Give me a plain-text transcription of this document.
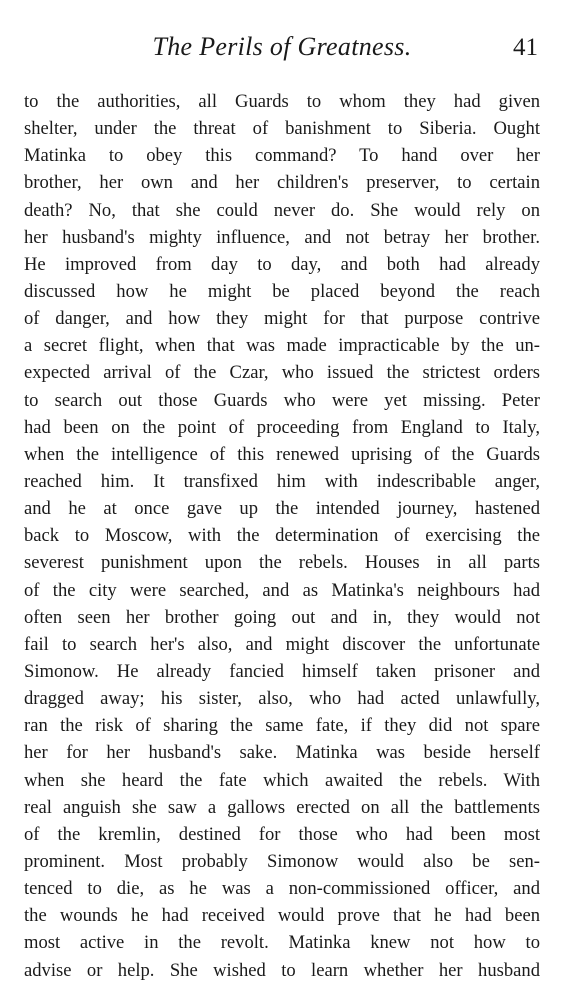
The Perils of Greatness.	41
to the authorities, all Guards to whom they had given
shelter, under the threat of banishment to Siberia. Ought
Matinka to obey this command? To hand over her
brother, her own and her children's preserver, to certain
death? No, that she could never do. She would rely on
her husband's mighty influence, and not betray her brother.
He improved from day to day, and both had already
discussed how he might be placed beyond the reach
of danger, and how they might for that purpose contrive
a secret flight, when that was made impracticable by the un-
expected arrival of the Czar, who issued the strictest orders
to search out those Guards who were yet missing. Peter
had been on the point of proceeding from England to Italy,
when the intelligence of this renewed uprising of the Guards
reached him. It transfixed him with indescribable anger,
and he at once gave up the intended journey, hastened
back to Moscow, with the determination of exercising the
severest punishment upon the rebels. Houses in all parts
of the city were searched, and as Matinka's neighbours had
often seen her brother going out and in, they would not
fail to search her's also, and might discover the unfortunate
Simonow. He already fancied himself taken prisoner and
dragged away; his sister, also, who had acted unlawfully,
ran the risk of sharing the same fate, if they did not spare
her for her husband's sake. Matinka was beside herself
when she heard the fate which awaited the rebels. With
real anguish she saw a gallows erected on all the battlements
of the kremlin, destined for those who had been most
prominent. Most probably Simonow would also be sen-
tenced to die, as he was a non-commissioned officer, and
the wounds he had received would prove that he had been
most active in the revolt. Matinka knew not how to
advise or help. She wished to learn whether her husband
